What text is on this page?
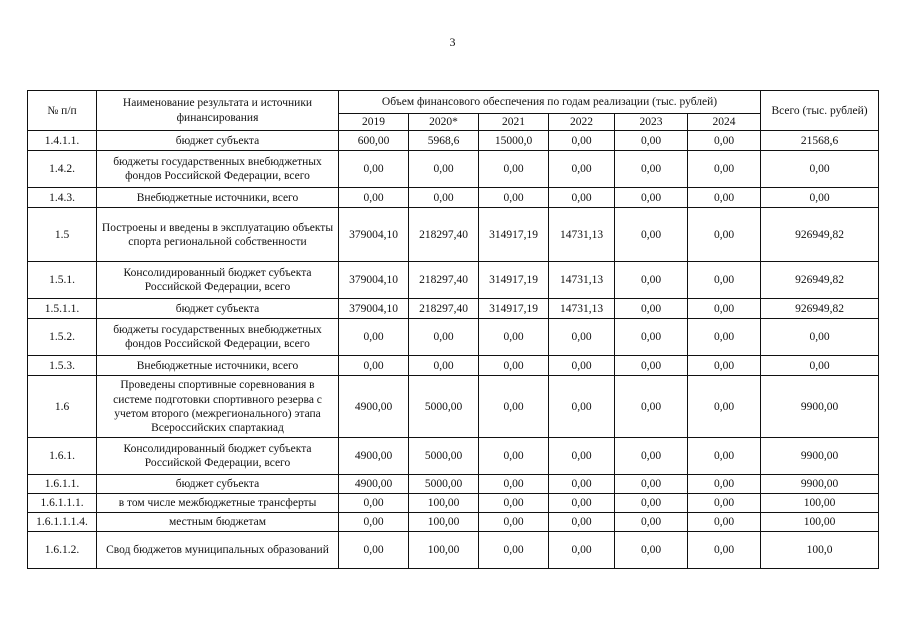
3
№ п/п	Наименование результата и источники финансирования	Объем финансового обеспечения по годам реализации (тыс. рублей)						Всего (тыс. рублей)
		2019	2020*	2021	2022	2023	2024	
1.4.1.1.	бюджет субъекта	600,00	5968,6	15000,0	0,00	0,00	0,00	21568,6
1.4.2.	бюджеты государственных внебюджетных фондов Российской Федерации, всего	0,00	0,00	0,00	0,00	0,00	0,00	0,00
1.4.3.	Внебюджетные источники, всего	0,00	0,00	0,00	0,00	0,00	0,00	0,00
1.5	Построены и введены в эксплуатацию объекты спорта региональной собственности	379004,10	218297,40	314917,19	14731,13	0,00	0,00	926949,82
1.5.1.	Консолидированный бюджет субъекта Российской Федерации, всего	379004,10	218297,40	314917,19	14731,13	0,00	0,00	926949,82
1.5.1.1.	бюджет субъекта	379004,10	218297,40	314917,19	14731,13	0,00	0,00	926949,82
1.5.2.	бюджеты государственных внебюджетных фондов Российской Федерации, всего	0,00	0,00	0,00	0,00	0,00	0,00	0,00
1.5.3.	Внебюджетные источники, всего	0,00	0,00	0,00	0,00	0,00	0,00	0,00
1.6	Проведены спортивные соревнования в системе подготовки спортивного резерва с учетом второго (межрегионального) этапа Всероссийских спартакиад	4900,00	5000,00	0,00	0,00	0,00	0,00	9900,00
1.6.1.	Консолидированный бюджет субъекта Российской Федерации, всего	4900,00	5000,00	0,00	0,00	0,00	0,00	9900,00
1.6.1.1.	бюджет субъекта	4900,00	5000,00	0,00	0,00	0,00	0,00	9900,00
1.6.1.1.1.	в том числе межбюджетные трансферты	0,00	100,00	0,00	0,00	0,00	0,00	100,00
1.6.1.1.1.4.	местным бюджетам	0,00	100,00	0,00	0,00	0,00	0,00	100,00
1.6.1.2.	Свод бюджетов муниципальных образований	0,00	100,00	0,00	0,00	0,00	0,00	100,0
